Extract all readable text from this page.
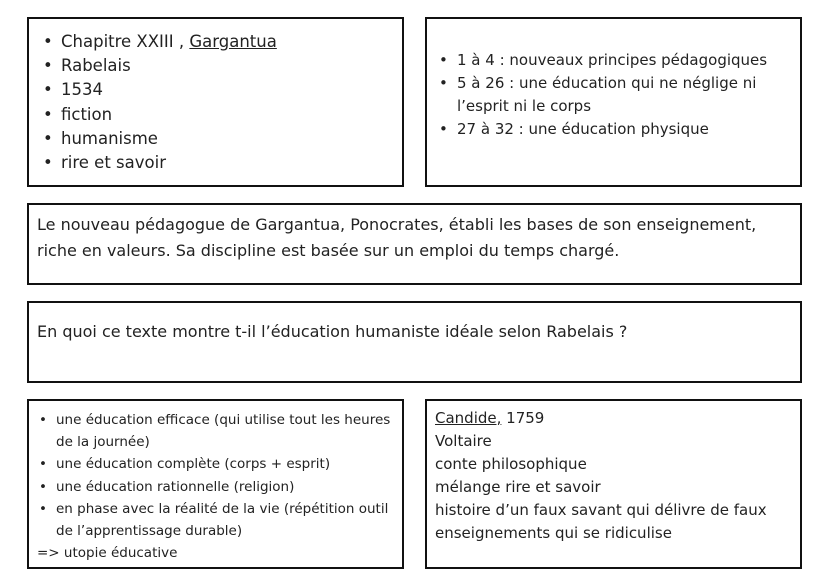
• Chapitre XXIII , Gargantua
• Rabelais
• 1534
• fiction
• humanisme
• rire et savoir
• 1 à 4 : nouveaux principes pédagogiques
• 5 à 26 : une éducation qui ne néglige ni l’esprit ni le corps
• 27 à 32 : une éducation physique

Le nouveau pédagogue de Gargantua, Ponocrates, établi les bases de son enseignement, riche en valeurs. Sa discipline est basée sur un emploi du temps chargé.

En quoi ce texte montre t-il l’éducation humaniste idéale selon Rabelais ?

• une éducation efficace (qui utilise tout les heures de la journée)
• une éducation complète (corps + esprit)
• une éducation rationnelle (religion)
• en phase avec la réalité de la vie (répétition outil de l’apprentissage durable)
=> utopie éducative
Candide, 1759
Voltaire
conte philosophique
mélange rire et savoir
histoire d’un faux savant qui délivre de faux enseignements qui se ridiculise
